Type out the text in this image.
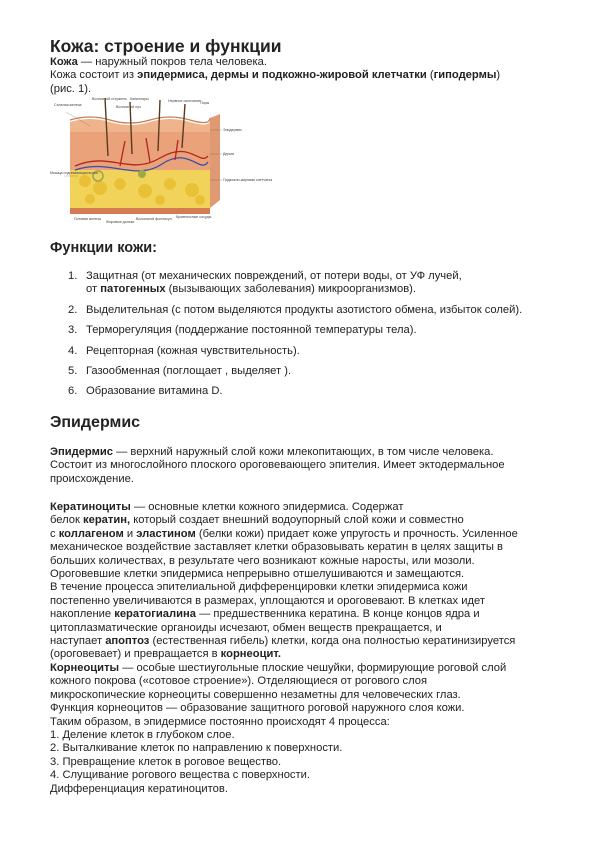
Кожа: строение и функции

Кожа — наружный покров тела человека.

Кожа состоит из эпидермиса, дермы и подкожно-жировой клетчатки (гиподермы)

(рис. 1).

Сальная железа
Волосяной стержень
Волосяной луч
Капилляры	Нервное окончание Поры
Эпидермис
Дерма
Подкожно-жировая клетчатка
Мышца поднимающая волос
Потовая железа
Жировые дольки
Волосяной фолликул Кровеносные сосуды
Функции кожи:
1. Защитная (от механических повреждений, от потери воды, от УФ лучей,
от патогенных (вызывающих заболевания) микроорганизмов).
2. Выделительная (с потом выделяются продукты азотистого обмена, избыток солей).
3. Терморегуляция (поддержание постоянной температуры тела).
4. Рецепторная (кожная чувствительность).
5. Газообменная (поглощает , выделяет ).
6. Образование витамина D.
Эпидермис

Эпидермис — верхний наружный слой кожи млекопитающих, в том числе человека.

Состоит из многослойного плоского ороговевающего эпителия. Имеет эктодермальное

происхождение.

Кератиноциты — основные клетки кожного эпидермиса. Содержат

белок кератин, который создает внешний водоупорный слой кожи и совместно

с коллагеном и эластином (белки кожи) придает коже упругость и прочность. Усиленное

механическое воздействие заставляет клетки образовывать кератин в целях защиты в

больших количествах, в результате чего возникают кожные наросты, или мозоли.

Ороговевшие клетки эпидермиса непрерывно отшелушиваются и замещаются.

В течение процесса эпителиальной дифференцировки клетки эпидермиса кожи

постепенно увеличиваются в размерах, уплощаются и ороговевают. В клетках идет

накопление кератогиалина — предшественника кератина. В конце концов ядра и

цитоплазматические органоиды исчезают, обмен веществ прекращается, и

наступает апоптоз (естественная гибель) клетки, когда она полностью кератинизируется

(ороговевает) и превращается в корнеоцит.

Корнеоциты — особые шестиугольные плоские чешуйки, формирующие роговой слой

кожного покрова («сотовое строение»). Отделяющиеся от рогового слоя

микроскопические корнеоциты совершенно незаметны для человеческих глаз.

Функция корнеоцитов — образование защитного роговой наружного слоя кожи.

Таким образом, в эпидермисе постоянно происходят 4 процесса:

1. Деление клеток в глубоком слое.

2. Выталкивание клеток по направлению к поверхности.

3. Превращение клеток в роговое вещество.

4. Слущивание рогового вещества с поверхности.

Дифференциация кератиноцитов.
